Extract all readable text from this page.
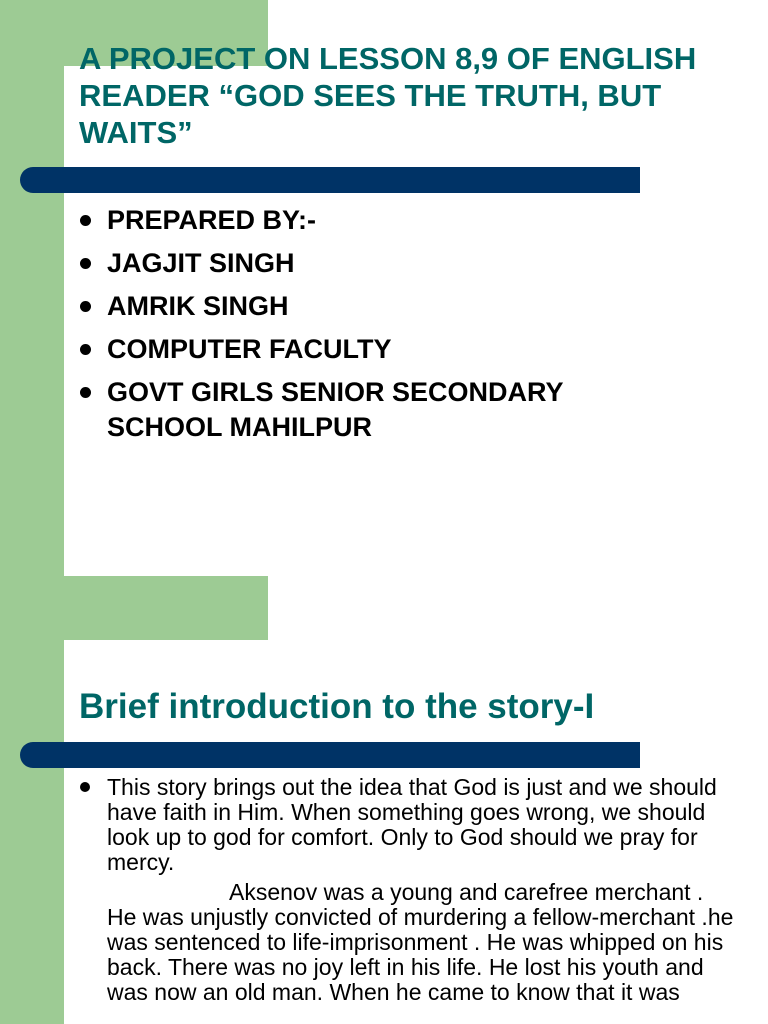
A PROJECT ON LESSON 8,9 OF ENGLISH READER “GOD SEES THE TRUTH, BUT WAITS”
PREPARED BY:-
JAGJIT SINGH
AMRIK SINGH
COMPUTER FACULTY
GOVT GIRLS SENIOR SECONDARY SCHOOL MAHILPUR
Brief introduction to the story-I
This story brings out the idea that God is just and we should have faith in Him. When something goes wrong, we should look up to god for comfort. Only to God should we pray for mercy.
Aksenov was a young and carefree merchant . He was unjustly convicted of murdering a fellow-merchant .he was sentenced to life-imprisonment . He was whipped on his back. There was no joy left in his life. He lost his youth and was now an old man. When he came to know that it was
